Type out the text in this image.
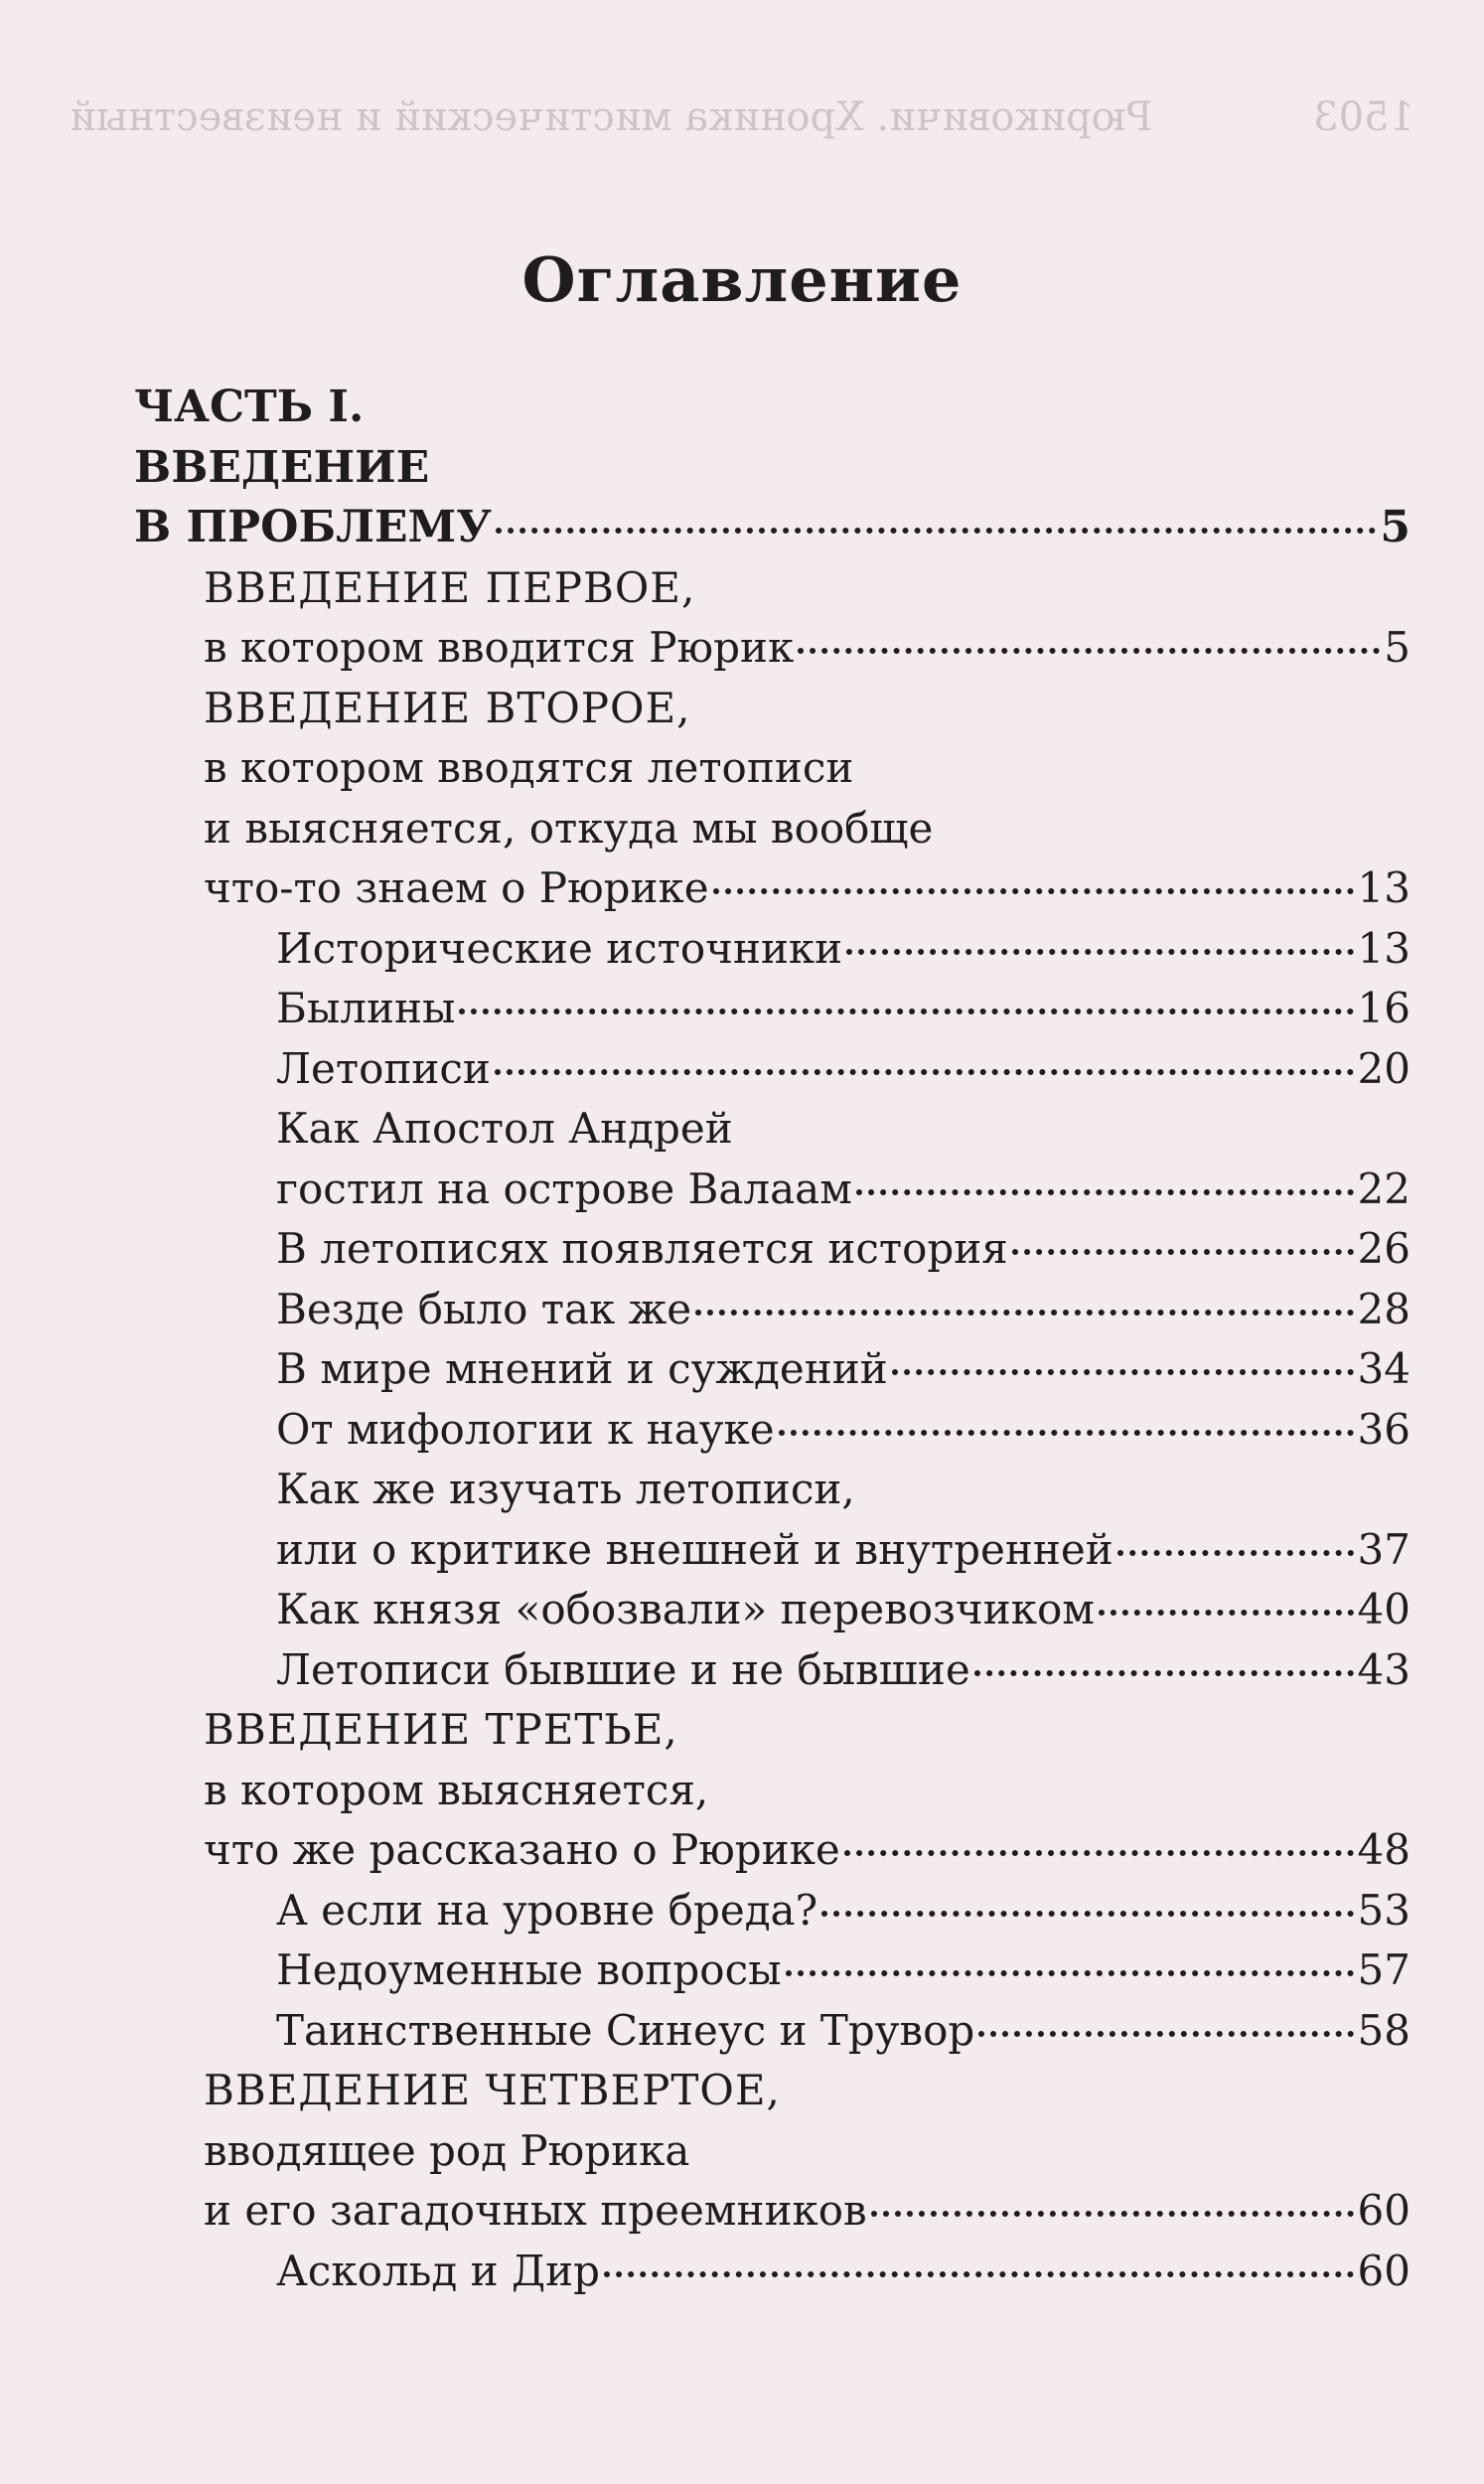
1503
Рюриковичи. Хроника мистический и неизвестный
Оглавление
ЧАСТЬ I.
ВВЕДЕНИЕ
В ПРОБЛЕМУ	5
ВВЕДЕНИЕ ПЕРВОЕ,
в котором вводится Рюрик	5
ВВЕДЕНИЕ ВТОРОЕ,
в котором вводятся летописи
и выясняется, откуда мы вообще
что-то знаем о Рюрике	13
Исторические источники	13
Былины	16
Летописи	20
Как Апостол Андрей
гостил на острове Валаам	22
В летописях появляется история	26
Везде было так же	28
В мире мнений и суждений	34
От мифологии к науке	36
Как же изучать летописи,
или о критике внешней и внутренней	37
Как князя «обозвали» перевозчиком	40
Летописи бывшие и не бывшие	43
ВВЕДЕНИЕ ТРЕТЬЕ,
в котором выясняется,
что же рассказано о Рюрике	48
А если на уровне бреда?	53
Недоуменные вопросы	57
Таинственные Синеус и Трувор	58
ВВЕДЕНИЕ ЧЕТВЕРТОЕ,
вводящее род Рюрика
и его загадочных преемников	60
Аскольд и Дир	60
